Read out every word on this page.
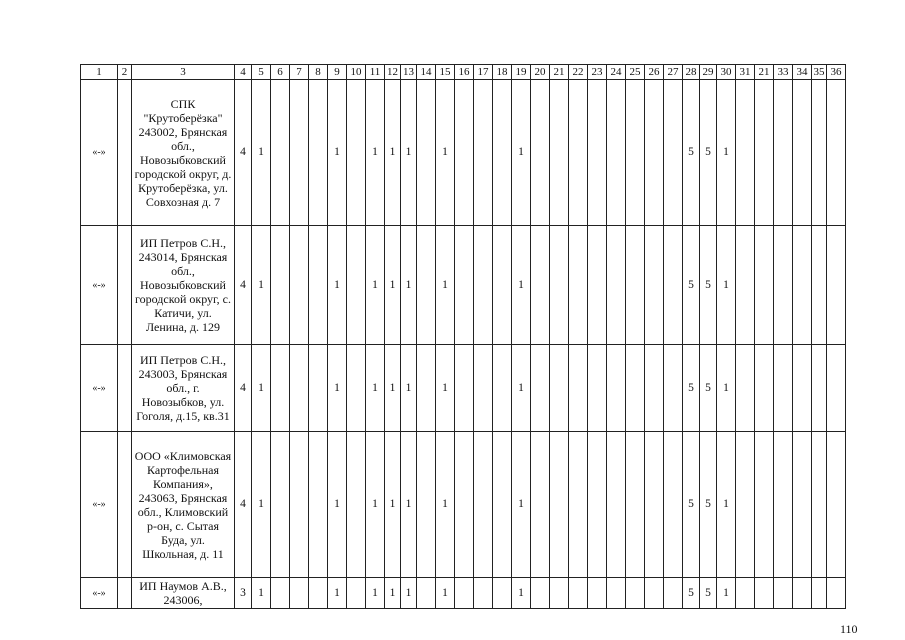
1	2	3	4	5	6	7	8	9	10	11	12	13	14	15	16	17	18	19	20	21	22	23	24	25	26	27	28	29	30	31	21	33	34	35	36
«-»		СПК "Крутоберёзка" 243002, Брянская обл., Новозыбковский городской округ, д. Крутоберёзка, ул. Совхозная д. 7	4	1				1		1	1	1		1				1									5	5	1						
«-»		ИП Петров С.Н., 243014, Брянская обл., Новозыбковский городской округ, с. Катичи, ул. Ленина, д. 129	4	1				1		1	1	1		1				1									5	5	1						
«-»		ИП Петров С.Н., 243003, Брянская обл., г. Новозыбков, ул. Гоголя, д.15, кв.31	4	1				1		1	1	1		1				1									5	5	1						
«-»		ООО «Климовская Картофельная Компания», 243063, Брянская обл., Климовский р-он, с. Сытая Буда, ул. Школьная, д. 11	4	1				1		1	1	1		1				1									5	5	1						
«-»		ИП Наумов А.В., 243006,	3	1				1		1	1	1		1				1									5	5	1						
110
